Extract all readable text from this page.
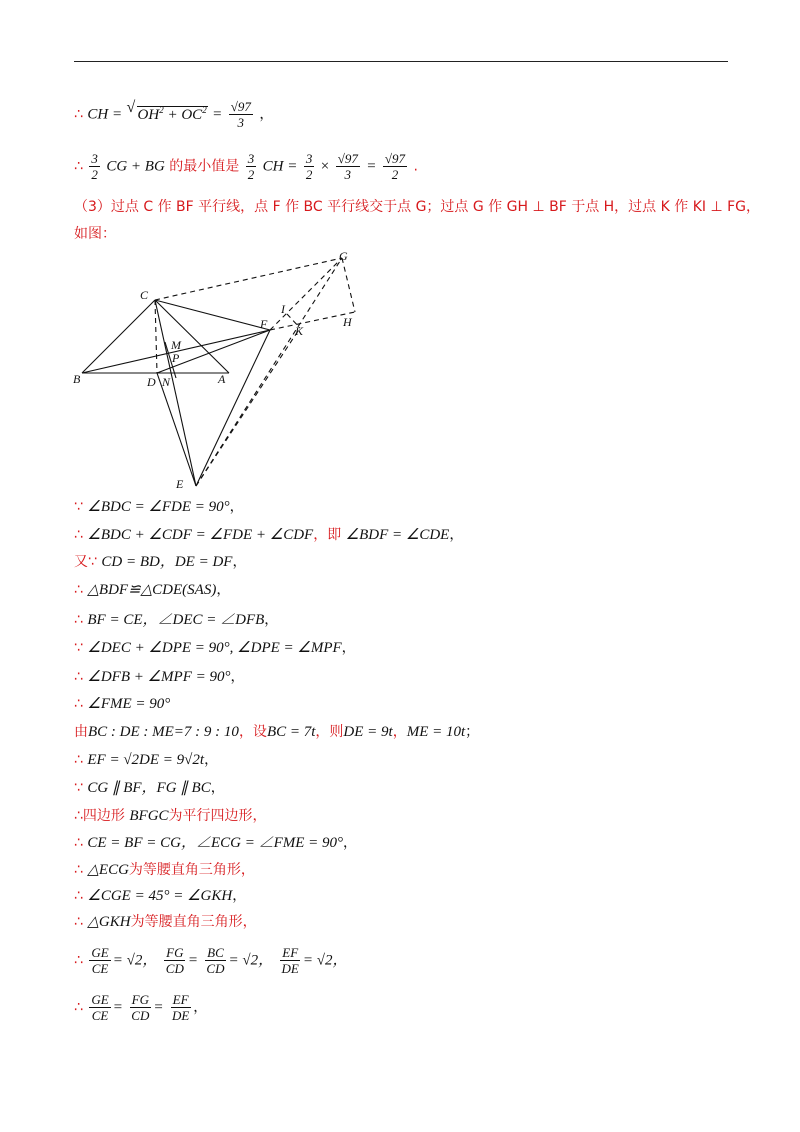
∴ CH = √ $OH^2 + OC^2 = \frac{√97}{3}$ ，
∴ $\frac{3}{2}$ CG + BG 的最小值是 $\frac{3}{2}$ CH = $\frac{3}{2} \times \frac{√97}{3} = \frac{√97}{2}$ .
（3）过点 C 作 BF 平行线，点 F 作 BC 平行线交于点 G；过点 G 作 GH ⊥ BF 于点 H，过点 K 作 KI ⊥ FG，
如图：
C
G
F
I
K
H
M
P
B	D N	A
E
∵ ∠BDC = ∠FDE = 90°，
∴ ∠BDC + ∠CDF = ∠FDE + ∠CDF，即 ∠BDF = ∠CDE，
又∵ CD = BD，DE = DF，
∴ △BDF≌△CDE(SAS)，
∴ BF = CE，∠DEC = ∠DFB，
∵ ∠DEC + ∠DPE = 90°, ∠DPE = ∠MPF，
∴ ∠DFB + ∠MPF = 90°，
∴ ∠FME = 90°
由BC : DE : ME=7 : 9 : 10，设BC = 7t，则DE = 9t，ME = 10t；
∴ EF = √2DE = 9√2t，
∵ CG ∥ BF，FG ∥ BC，
∴四边形 BFGC为平行四边形，
∴ CE = BF = CG，∠ECG = ∠FME = 90°，
∴ △ECG为等腰直角三角形，
∴ ∠CGE = 45° = ∠GKH，
∴ △GKH为等腰直角三角形，
∴ $\frac{GE}{CE} = √2$， $\frac{FG}{CD} = \frac{BC}{CD} = √2$， $\frac{EF}{DE} = √2$，
∴ $\frac{GE}{CE} = \frac{FG}{CD} = \frac{EF}{DE}$ ，
